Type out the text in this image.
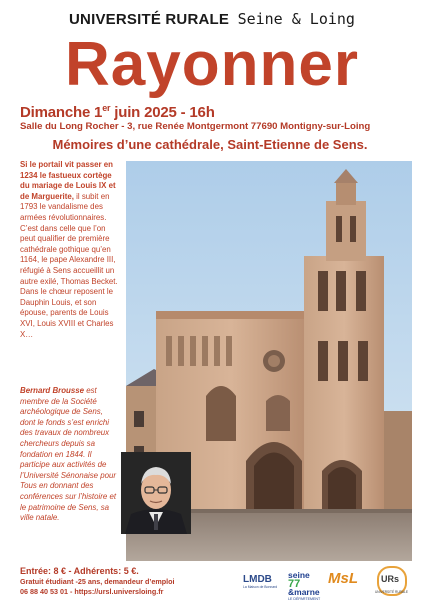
UNIVERSITÉ RURALE Seine & Loing
Rayonner
Dimanche 1er juin 2025 - 16h
Salle du Long Rocher - 3, rue Renée Montgermont 77690 Montigny-sur-Loing
Mémoires d’une cathédrale, Saint-Etienne de Sens.
Si le portail vit passer en 1234 le fastueux cortège du mariage de Louis IX et de Marguerite, il subit en 1793 le vandalisme des armées révolutionnaires. C’est dans celle que l’on peut qualifier de première cathédrale gothique qu’en 1164, le pape Alexandre III, réfugié à Sens accueillit un autre exilé, Thomas Becket. Dans le chœur reposent le Dauphin Louis, et son épouse, parents de Louis XVI, Louis XVIII et Charles X…
Bernard Brousse est membre de la Société archéologique de Sens, dont le fonds s’est enrichi des travaux de nombreux chercheurs depuis sa fondation en 1844. Il participe aux activités de l’Université Sénonaise pour Tous en donnant des conférences sur l’histoire et le patrimoine de Sens, sa ville natale.
Entrée: 8 € - Adhérents: 5 €.
Gratuit étudiant -25 ans, demandeur d’emploi
06 88 40 53 01 - https://ursl.universloing.fr
LMDB
La Maison de Bonnard
seine 77
&marne
LE DÉPARTEMENT
MsL	URs
UNIVERSITÉ RURALE
